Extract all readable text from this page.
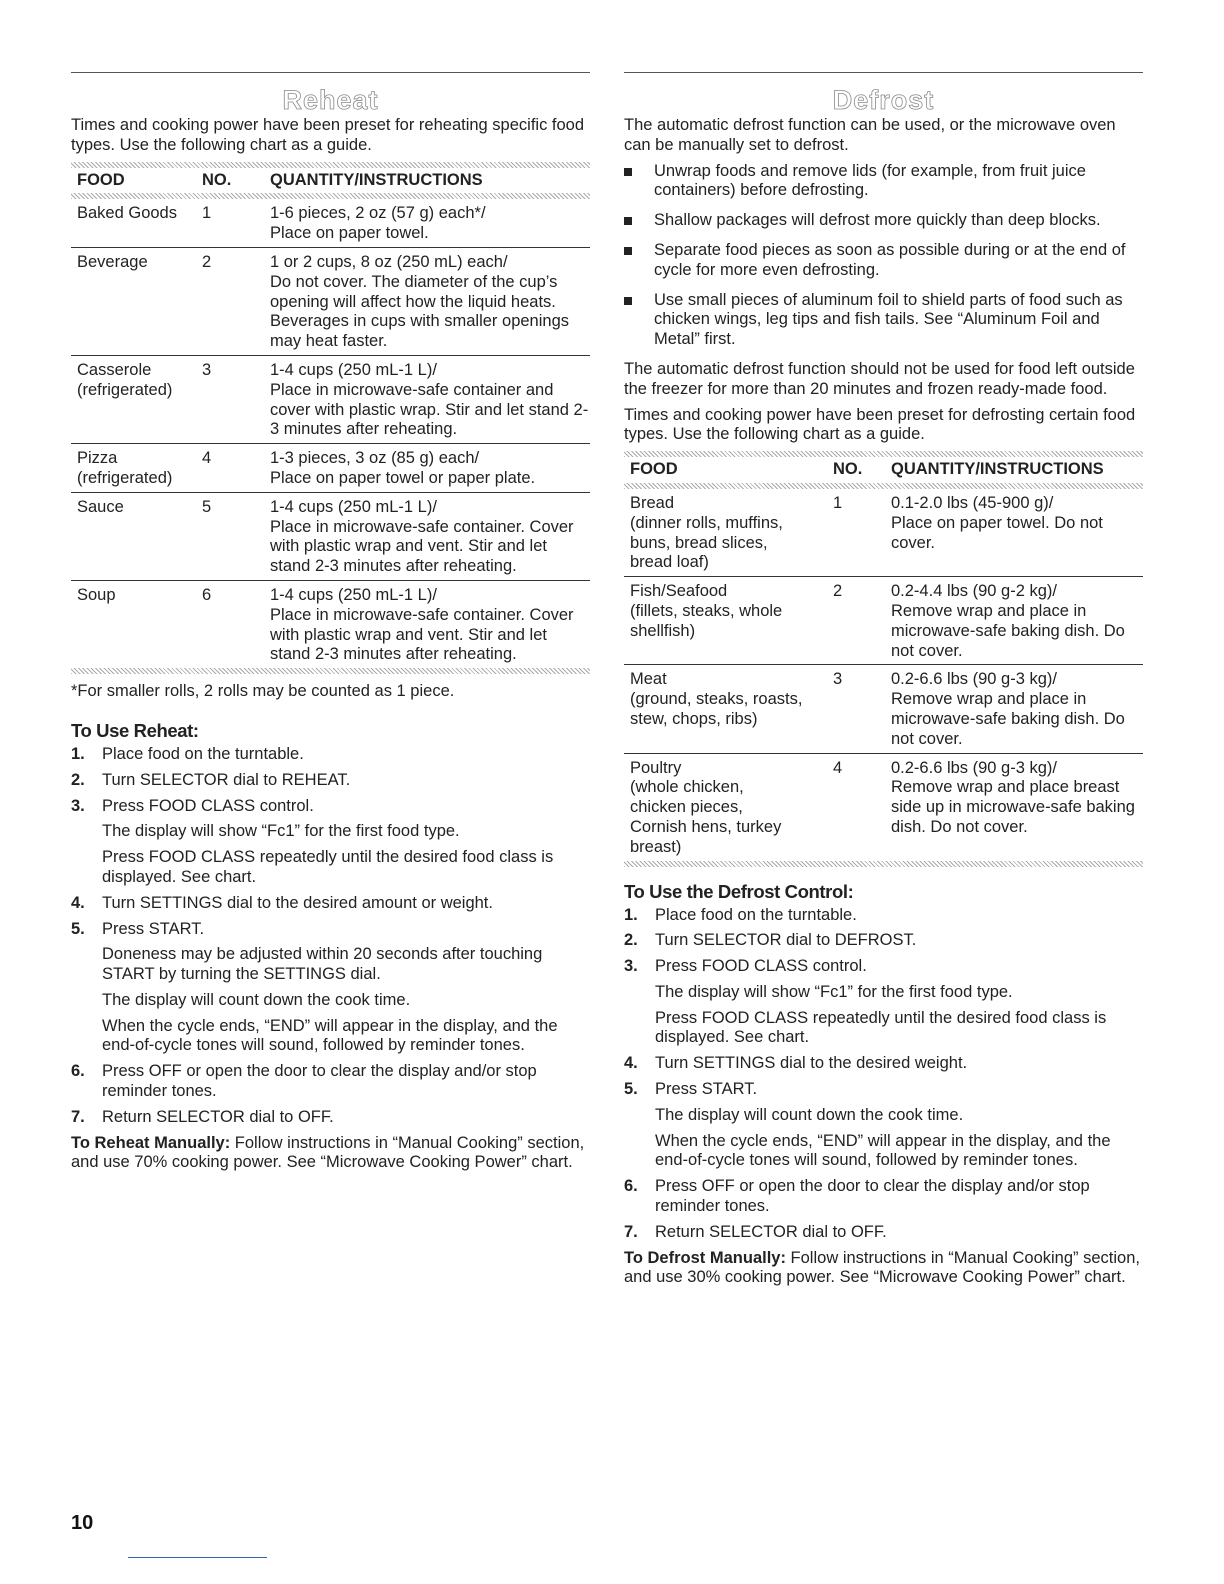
Reheat

Times and cooking power have been preset for reheating specific food types. Use the following chart as a guide.

FOOD	NO.	QUANTITY/INSTRUCTIONS

Baked Goods	1	1-6 pieces, 2 oz (57 g) each*/
Place on paper towel.
Beverage	2	1 or 2 cups, 8 oz (250 mL) each/
Do not cover. The diameter of the cup’s opening will affect how the liquid heats. Beverages in cups with smaller openings may heat faster.
Casserole
(refrigerated)	3	1-4 cups (250 mL-1 L)/
Place in microwave-safe container and cover with plastic wrap. Stir and let stand 2-3 minutes after reheating.
Pizza
(refrigerated)	4	1-3 pieces, 3 oz (85 g) each/
Place on paper towel or paper plate.
Sauce	5	1-4 cups (250 mL-1 L)/
Place in microwave-safe container. Cover with plastic wrap and vent. Stir and let stand 2-3 minutes after reheating.
Soup	6	1-4 cups (250 mL-1 L)/
Place in microwave-safe container. Cover with plastic wrap and vent. Stir and let stand 2-3 minutes after reheating.

*For smaller rolls, 2 rolls may be counted as 1 piece.

To Use Reheat:
1. Place food on the turntable.
2. Turn SELECTOR dial to REHEAT.
3. Press FOOD CLASS control.
The display will show “Fc1” for the first food type.
Press FOOD CLASS repeatedly until the desired food class is displayed. See chart.
4. Turn SETTINGS dial to the desired amount or weight.
5. Press START.
Doneness may be adjusted within 20 seconds after touching START by turning the SETTINGS dial.
The display will count down the cook time.
When the cycle ends, “END” will appear in the display, and the end-of-cycle tones will sound, followed by reminder tones.
6. Press OFF or open the door to clear the display and/or stop reminder tones.
7. Return SELECTOR dial to OFF.

To Reheat Manually: Follow instructions in “Manual Cooking” section, and use 70% cooking power. See “Microwave Cooking Power” chart.

Defrost

The automatic defrost function can be used, or the microwave oven can be manually set to defrost.

Unwrap foods and remove lids (for example, from fruit juice containers) before defrosting.
Shallow packages will defrost more quickly than deep blocks.
Separate food pieces as soon as possible during or at the end of cycle for more even defrosting.
Use small pieces of aluminum foil to shield parts of food such as chicken wings, leg tips and fish tails. See “Aluminum Foil and Metal” first.

The automatic defrost function should not be used for food left outside the freezer for more than 20 minutes and frozen ready-made food.

Times and cooking power have been preset for defrosting certain food types. Use the following chart as a guide.

FOOD	NO.	QUANTITY/INSTRUCTIONS

Bread
(dinner rolls, muffins,
buns, bread slices,
bread loaf)	1	0.1-2.0 lbs (45-900 g)/
Place on paper towel. Do not cover.
Fish/Seafood
(fillets, steaks, whole
shellfish)	2	0.2-4.4 lbs (90 g-2 kg)/
Remove wrap and place in microwave-safe baking dish. Do not cover.
Meat
(ground, steaks, roasts,
stew, chops, ribs)	3	0.2-6.6 lbs (90 g-3 kg)/
Remove wrap and place in microwave-safe baking dish. Do not cover.
Poultry
(whole chicken,
chicken pieces,
Cornish hens, turkey
breast)	4	0.2-6.6 lbs (90 g-3 kg)/
Remove wrap and place breast side up in microwave-safe baking dish. Do not cover.
To Use the Defrost Control:
1. Place food on the turntable.
2. Turn SELECTOR dial to DEFROST.
3. Press FOOD CLASS control.
The display will show “Fc1” for the first food type.
Press FOOD CLASS repeatedly until the desired food class is displayed. See chart.
4. Turn SETTINGS dial to the desired weight.
5. Press START.
The display will count down the cook time.
When the cycle ends, “END” will appear in the display, and the end-of-cycle tones will sound, followed by reminder tones.
6. Press OFF or open the door to clear the display and/or stop reminder tones.
7. Return SELECTOR dial to OFF.

To Defrost Manually: Follow instructions in “Manual Cooking” section, and use 30% cooking power. See “Microwave Cooking Power” chart.

10
